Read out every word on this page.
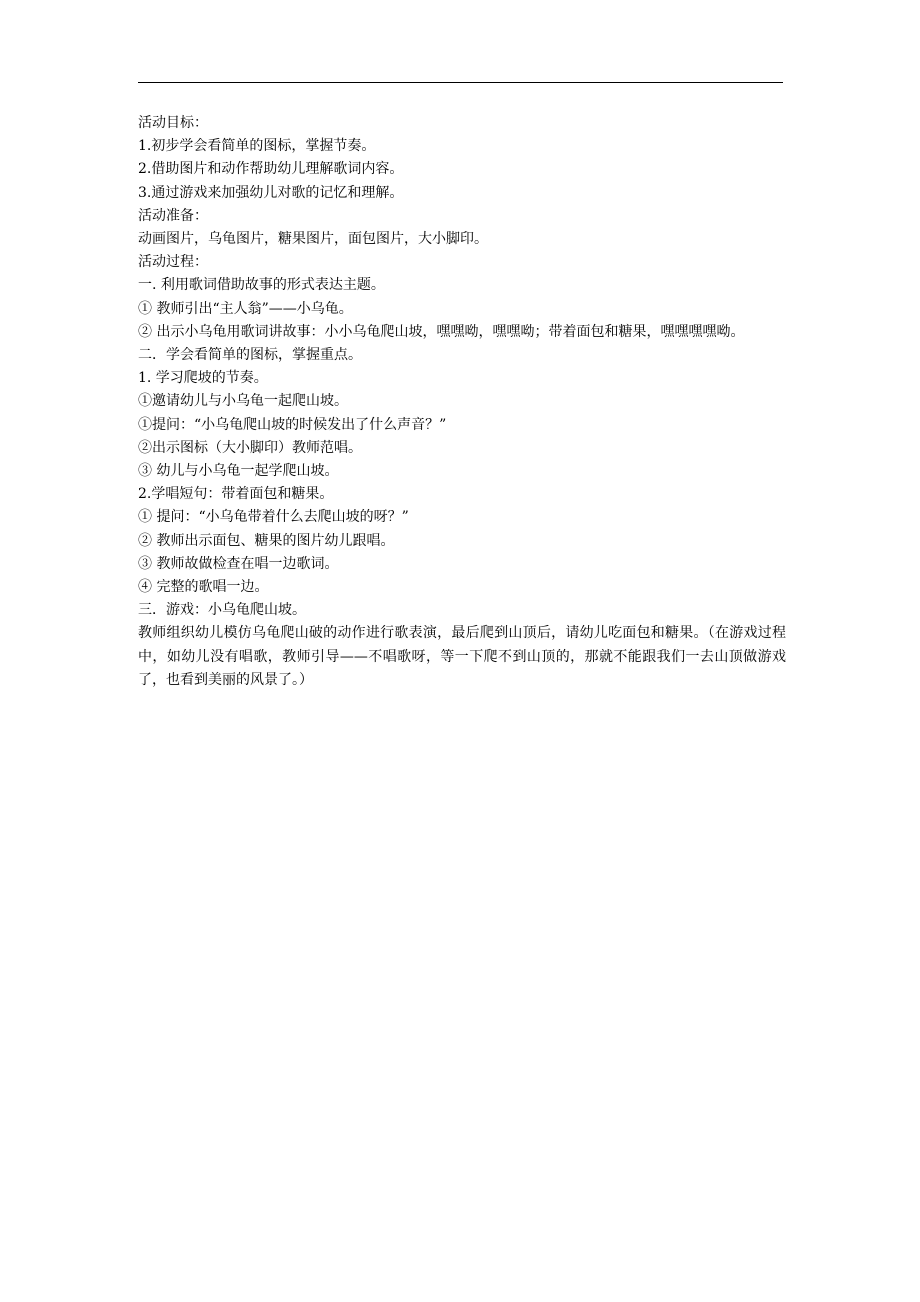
活动目标：

1.初步学会看简单的图标，掌握节奏。

2.借助图片和动作帮助幼儿理解歌词内容。

3.通过游戏来加强幼儿对歌的记忆和理解。

活动准备：

动画图片，乌龟图片，糖果图片，面包图片，大小脚印。

活动过程：

一. 利用歌词借助故事的形式表达主题。

① 教师引出“主人翁”——小乌龟。

② 出示小乌龟用歌词讲故事：小小乌龟爬山坡，嘿嘿呦，嘿嘿呦；带着面包和糖果，嘿嘿嘿嘿呦。

二．学会看简单的图标，掌握重点。

1. 学习爬坡的节奏。

①邀请幼儿与小乌龟一起爬山坡。

①提问：“小乌龟爬山坡的时候发出了什么声音？”

②出示图标（大小脚印）教师范唱。

③ 幼儿与小乌龟一起学爬山坡。

2.学唱短句：带着面包和糖果。

① 提问：“小乌龟带着什么去爬山坡的呀？”

② 教师出示面包、糖果的图片幼儿跟唱。

③ 教师故做检查在唱一边歌词。

④ 完整的歌唱一边。

三．游戏：小乌龟爬山坡。

教师组织幼儿模仿乌龟爬山破的动作进行歌表演，最后爬到山顶后，请幼儿吃面包和糖果。（在游戏过程中，如幼儿没有唱歌，教师引导——不唱歌呀，等一下爬不到山顶的，那就不能跟我们一去山顶做游戏了，也看到美丽的风景了。）
